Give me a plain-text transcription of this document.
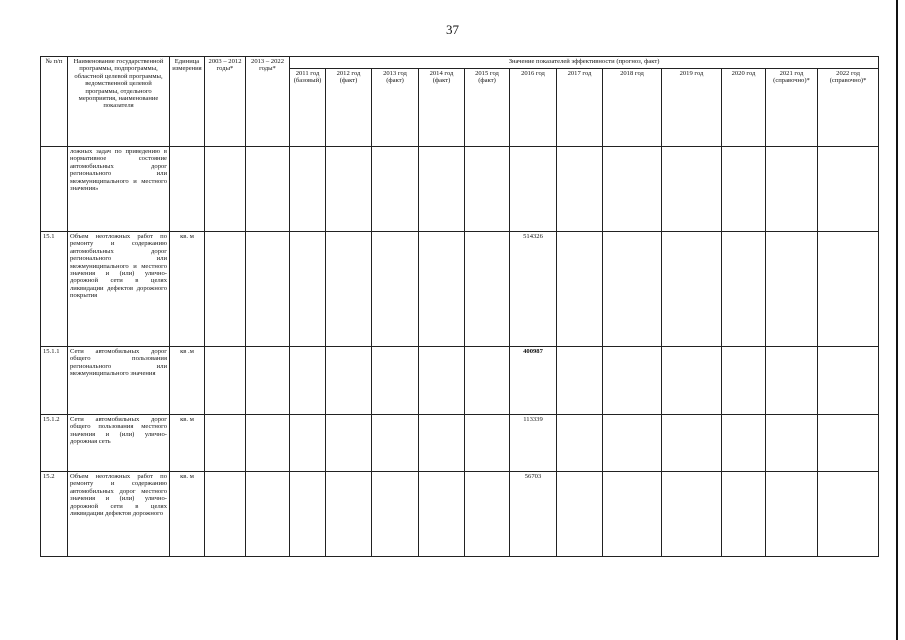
37
№ п/п	Наименование государственной программы, подпрограммы, областной целевой программы, ведомственной целевой программы, отдельного мероприятия, наименование показателя	Единица измерения	2003 – 2012 годы*	2013 – 2022 годы*	Значение показателей эффективности (прогноз, факт)											
					2011 год (базовый)	2012 год (факт)	2013 год (факт)	2014 год (факт)	2015 год (факт)	2016 год	2017 год	2018 год	2019 год	2020 год	2021 год (справочно)*	2022 год (справочно)*
	ложных задач по приведению в нормативное состояние автомобильных дорог регионального или межмуниципального и местного значения»															
15.1	Объем неотложных работ по ремонту и содержанию автомобильных дорог регионального или межмуниципального и местного значения и (или) улично-дорожной сети в целях ликвидации дефектов дорожного покрытия	кв. м								514326						
15.1.1	Сети автомобильных дорог общего пользования регионального или межмуниципального значения	кв .м								400987						
15.1.2	Сети автомобильных дорог общего пользования местного значения и (или) улично-дорожная сеть	кв. м								113339						
15.2	Объем неотложных работ по ремонту и содержанию автомобильных дорог местного значения и (или) улично-дорожной сети в целях ликвидации дефектов дорожного	кв. м								56703						
